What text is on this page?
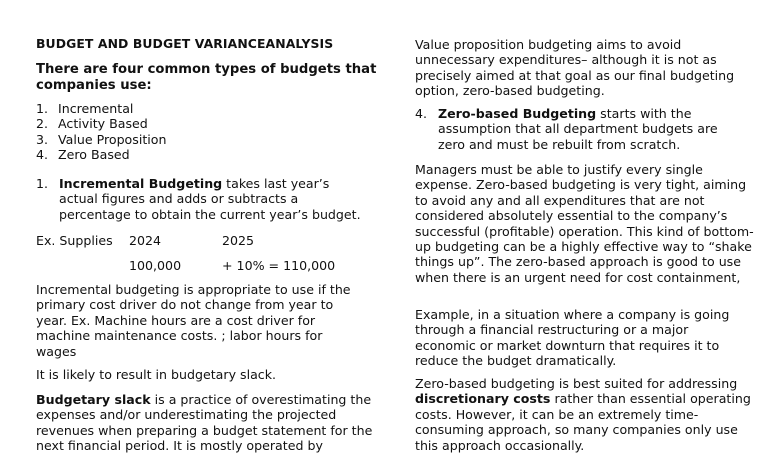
BUDGET AND BUDGET VARIANCEANALYSIS
There are four common types of budgets that companies use:
1. Incremental
2. Activity Based
3. Value Proposition
4. Zero Based
1. Incremental Budgeting takes last year’s actual figures and adds or subtracts a percentage to obtain the current year’s budget.
Ex. Supplies 2024	2025
100,000	+ 10% = 110,000

Incremental budgeting is appropriate to use if the primary cost driver do not change from year to year. Ex. Machine hours are a cost driver for machine maintenance costs. ; labor hours for wages

It is likely to result in budgetary slack.

Budgetary slack is a practice of overestimating the expenses and/or underestimating the projected revenues when preparing a budget statement for the next financial period. It is mostly operated by

Value proposition budgeting aims to avoid unnecessary expenditures– although it is not as precisely aimed at that goal as our final budgeting option, zero-based budgeting.

4. Zero-based Budgeting starts with the assumption that all department budgets are zero and must be rebuilt from scratch.

Managers must be able to justify every single expense. Zero-based budgeting is very tight, aiming to avoid any and all expenditures that are not considered absolutely essential to the company’s successful (profitable) operation. This kind of bottom-up budgeting can be a highly effective way to “shake things up”. The zero-based approach is good to use when there is an urgent need for cost containment,

Example, in a situation where a company is going through a financial restructuring or a major economic or market downturn that requires it to reduce the budget dramatically.

Zero-based budgeting is best suited for addressing discretionary costs rather than essential operating costs. However, it can be an extremely time-consuming approach, so many companies only use this approach occasionally.
